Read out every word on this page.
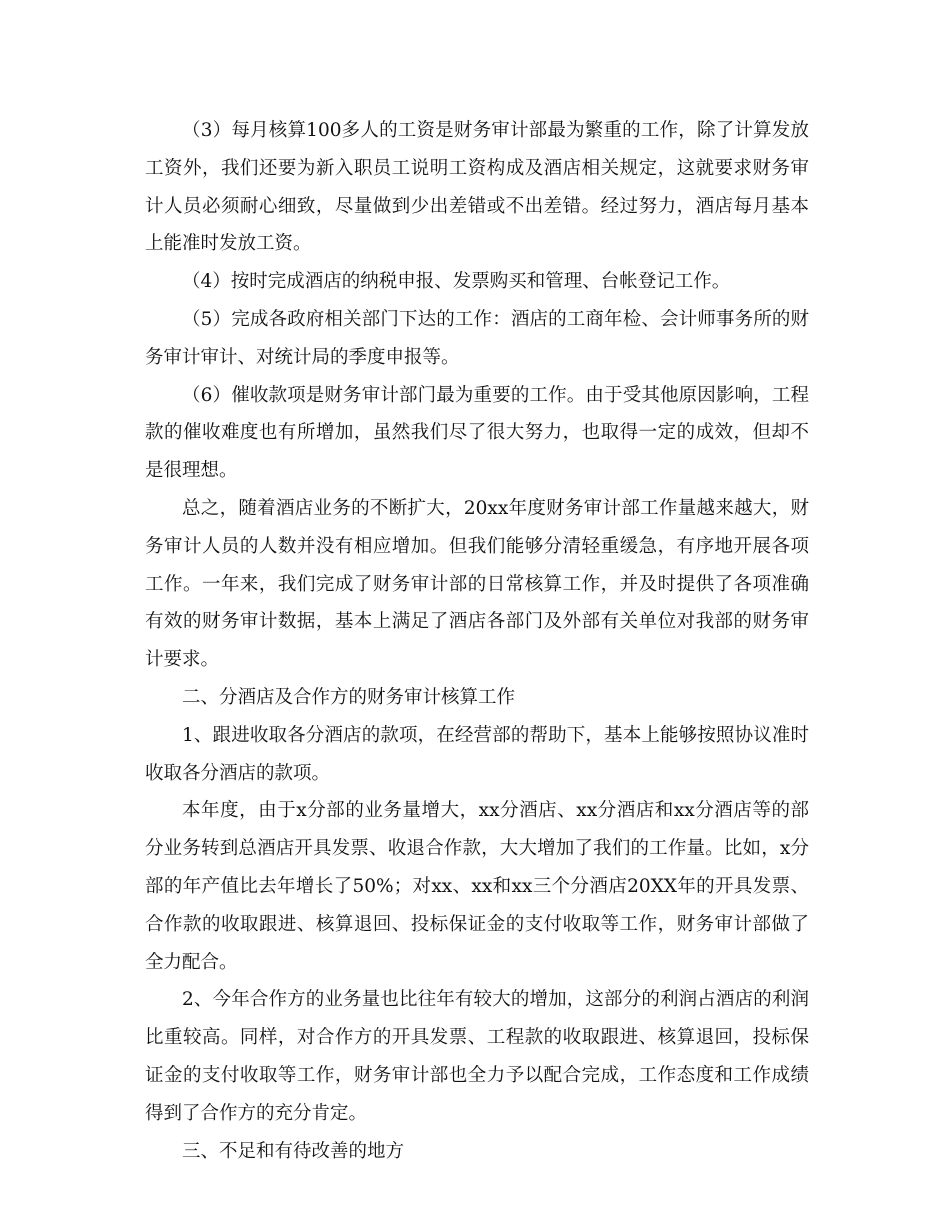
（3）每月核算100多人的工资是财务审计部最为繁重的工作，除了计算发放工资外，我们还要为新入职员工说明工资构成及酒店相关规定，这就要求财务审计人员必须耐心细致，尽量做到少出差错或不出差错。经过努力，酒店每月基本上能准时发放工资。

（4）按时完成酒店的纳税申报、发票购买和管理、台帐登记工作。

（5）完成各政府相关部门下达的工作：酒店的工商年检、会计师事务所的财务审计审计、对统计局的季度申报等。

（6）催收款项是财务审计部门最为重要的工作。由于受其他原因影响，工程款的催收难度也有所增加，虽然我们尽了很大努力，也取得一定的成效，但却不是很理想。

总之，随着酒店业务的不断扩大，20xx年度财务审计部工作量越来越大，财务审计人员的人数并没有相应增加。但我们能够分清轻重缓急，有序地开展各项工作。一年来，我们完成了财务审计部的日常核算工作，并及时提供了各项准确有效的财务审计数据，基本上满足了酒店各部门及外部有关单位对我部的财务审计要求。

二、分酒店及合作方的财务审计核算工作

1、跟进收取各分酒店的款项，在经营部的帮助下，基本上能够按照协议准时收取各分酒店的款项。

本年度，由于x分部的业务量增大，xx分酒店、xx分酒店和xx分酒店等的部分业务转到总酒店开具发票、收退合作款，大大增加了我们的工作量。比如，x分部的年产值比去年增长了50%；对xx、xx和xx三个分酒店20XX年的开具发票、合作款的收取跟进、核算退回、投标保证金的支付收取等工作，财务审计部做了全力配合。

2、今年合作方的业务量也比往年有较大的增加，这部分的利润占酒店的利润比重较高。同样，对合作方的开具发票、工程款的收取跟进、核算退回，投标保证金的支付收取等工作，财务审计部也全力予以配合完成，工作态度和工作成绩得到了合作方的充分肯定。

三、不足和有待改善的地方
